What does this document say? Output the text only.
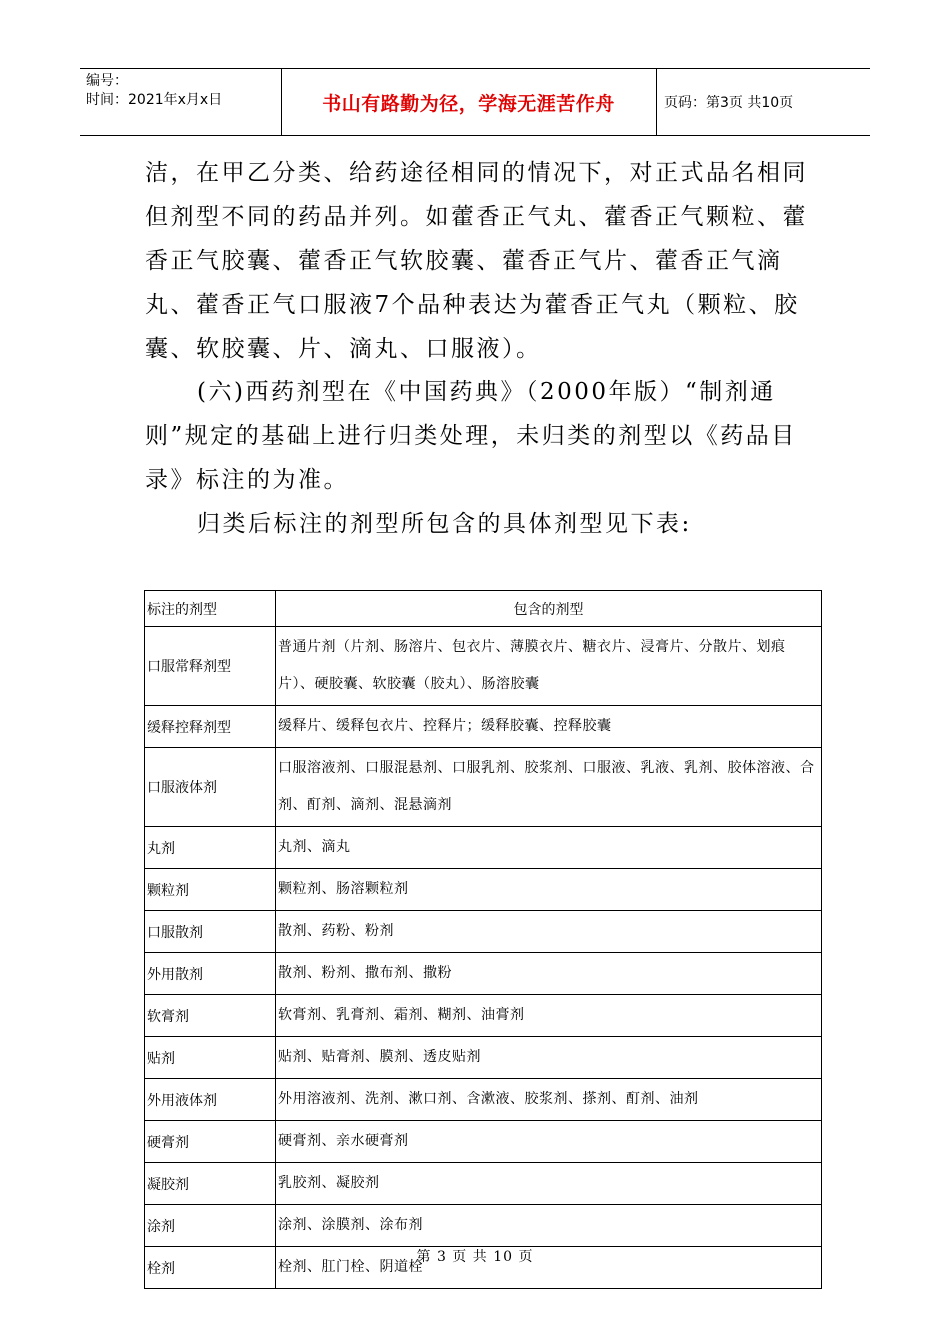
编号：
时间：2021年x月x日	书山有路勤为径，学海无涯苦作舟	页码：第3页 共10页

洁，在甲乙分类、给药途径相同的情况下，对正式品名相同但剂型不同的药品并列。如藿香正气丸、藿香正气颗粒、藿香正气胶囊、藿香正气软胶囊、藿香正气片、藿香正气滴丸、藿香正气口服液7个品种表达为藿香正气丸（颗粒、胶囊、软胶囊、片、滴丸、口服液）。

(六)西药剂型在《中国药典》（2000年版）“制剂通则”规定的基础上进行归类处理，未归类的剂型以《药品目录》标注的为准。

归类后标注的剂型所包含的具体剂型见下表:

标注的剂型	包含的剂型
口服常释剂型	普通片剂（片剂、肠溶片、包衣片、薄膜衣片、糖衣片、浸膏片、分散片、划痕片）、硬胶囊、软胶囊（胶丸）、肠溶胶囊
缓释控释剂型	缓释片、缓释包衣片、控释片；缓释胶囊、控释胶囊
口服液体剂	口服溶液剂、口服混悬剂、口服乳剂、胶浆剂、口服液、乳液、乳剂、胶体溶液、合剂、酊剂、滴剂、混悬滴剂
丸剂	丸剂、滴丸
颗粒剂	颗粒剂、肠溶颗粒剂
口服散剂	散剂、药粉、粉剂
外用散剂	散剂、粉剂、撒布剂、撒粉
软膏剂	软膏剂、乳膏剂、霜剂、糊剂、油膏剂
贴剂	贴剂、贴膏剂、膜剂、透皮贴剂
外用液体剂	外用溶液剂、洗剂、漱口剂、含漱液、胶浆剂、搽剂、酊剂、油剂
硬膏剂	硬膏剂、亲水硬膏剂
凝胶剂	乳胶剂、凝胶剂
涂剂	涂剂、涂膜剂、涂布剂
栓剂	栓剂、肛门栓、阴道栓
第 3 页 共 10 页
